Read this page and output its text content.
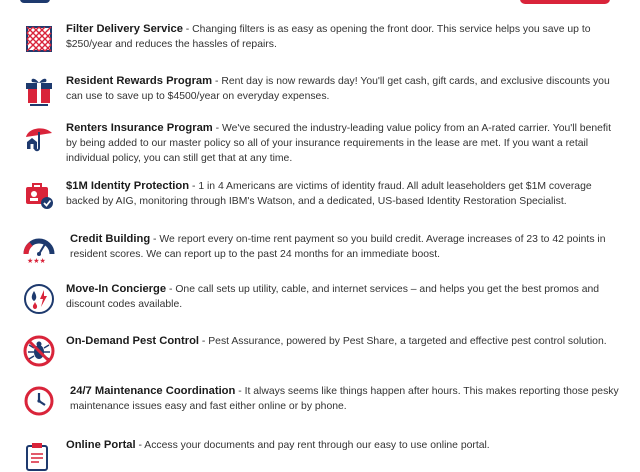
Filter Delivery Service - Changing filters is as easy as opening the front door. This service helps you save up to $250/year and reduces the hassles of repairs.
Resident Rewards Program - Rent day is now rewards day! You'll get cash, gift cards, and exclusive discounts you can use to save up to $4500/year on everyday expenses.
Renters Insurance Program - We've secured the industry-leading value policy from an A-rated carrier. You'll benefit by being added to our master policy so all of your insurance requirements in the lease are met. If you want a retail individual policy, you can still get that at any time.
$1M Identity Protection - 1 in 4 Americans are victims of identity fraud. All adult leaseholders get $1M coverage backed by AIG, monitoring through IBM's Watson, and a dedicated, US-based Identity Restoration Specialist.
★★★
Credit Building - We report every on-time rent payment so you build credit. Average increases of 23 to 42 points in resident scores. We can report up to the past 24 months for an immediate boost.
Move-In Concierge - One call sets up utility, cable, and internet services – and helps you get the best promos and discount codes available.
On-Demand Pest Control - Pest Assurance, powered by Pest Share, a targeted and effective pest control solution.
24/7 Maintenance Coordination - It always seems like things happen after hours. This makes reporting those pesky maintenance issues easy and fast either online or by phone.
Online Portal - Access your documents and pay rent through our easy to use online portal.
